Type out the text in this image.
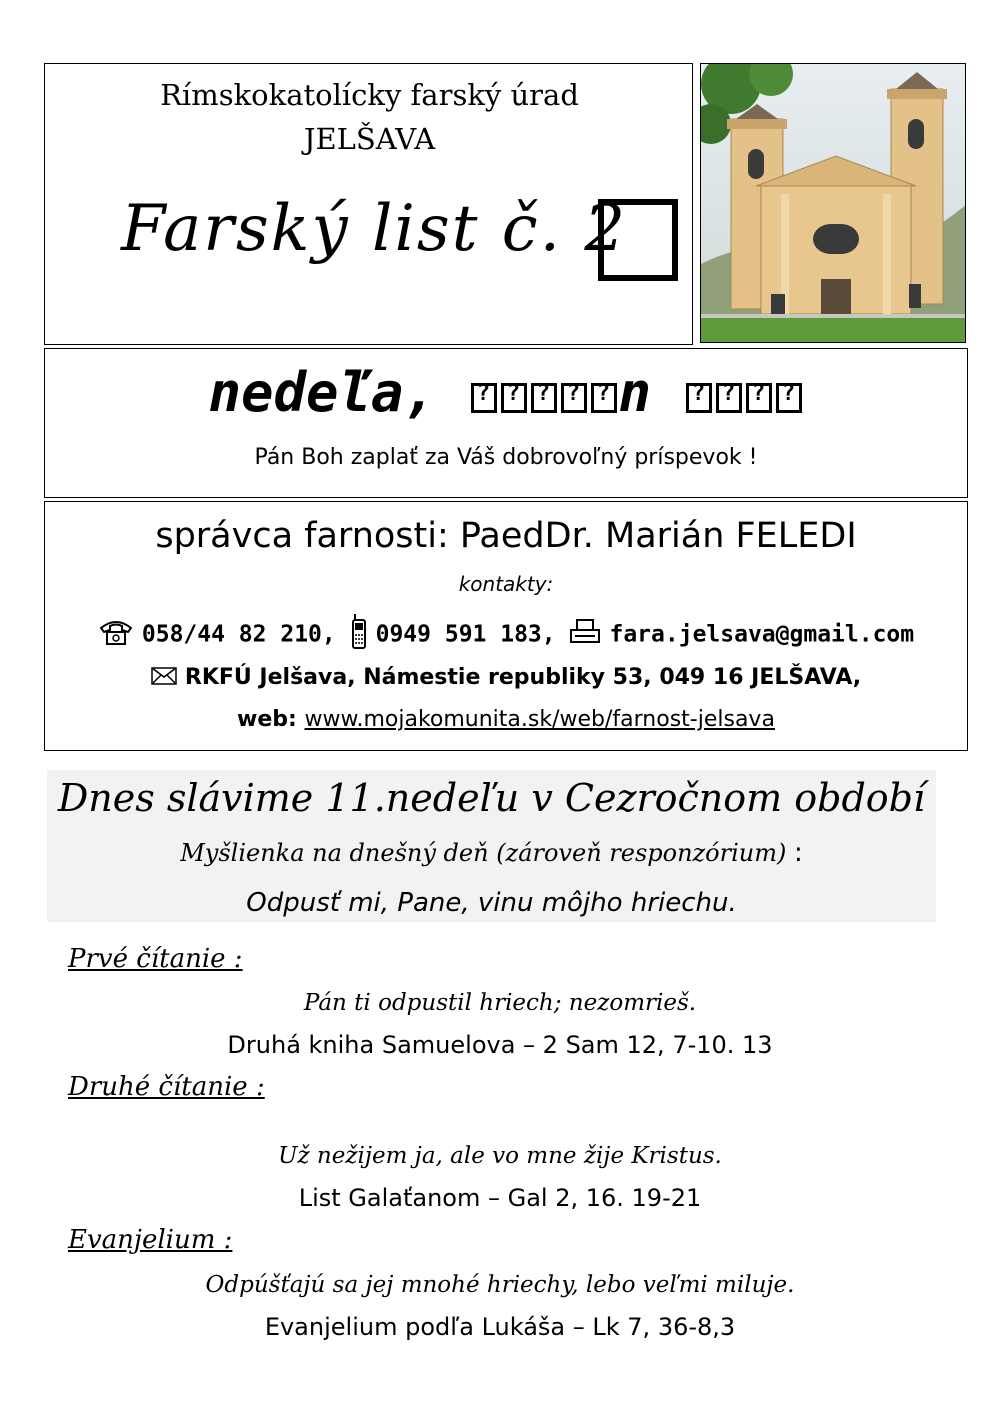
Rímskokatolícky farský úrad
JELŠAVA
Farský list č. 2
nedeľa, ? ? ? ? ?	n ????
Pán Boh zaplať za Váš dobrovoľný príspevok !
správca farnosti: PaedDr. Marián FELEDI
kontakty:
058/44 82 210, 0949 591 183, fara.jelsava@gmail.com
RKFÚ Jelšava, Námestie republiky 53, 049 16 JELŠAVA,
web: www.mojakomunita.sk/web/farnost-jelsava
Dnes slávime 11.nedeľu v Cezročnom období
Myšlienka na dnešný deň (zároveň responzórium) :
Odpusť mi, Pane, vinu môjho hriechu.
Prvé čítanie :
Pán ti odpustil hriech; nezomrieš.
Druhá kniha Samuelova – 2 Sam 12, 7-10. 13
Druhé čítanie :
Už nežijem ja, ale vo mne žije Kristus.
List Galaťanom – Gal 2, 16. 19-21
Evanjelium :
Odpúšťajú sa jej mnohé hriechy, lebo veľmi miluje.
Evanjelium podľa Lukáša – Lk 7, 36-8,3
